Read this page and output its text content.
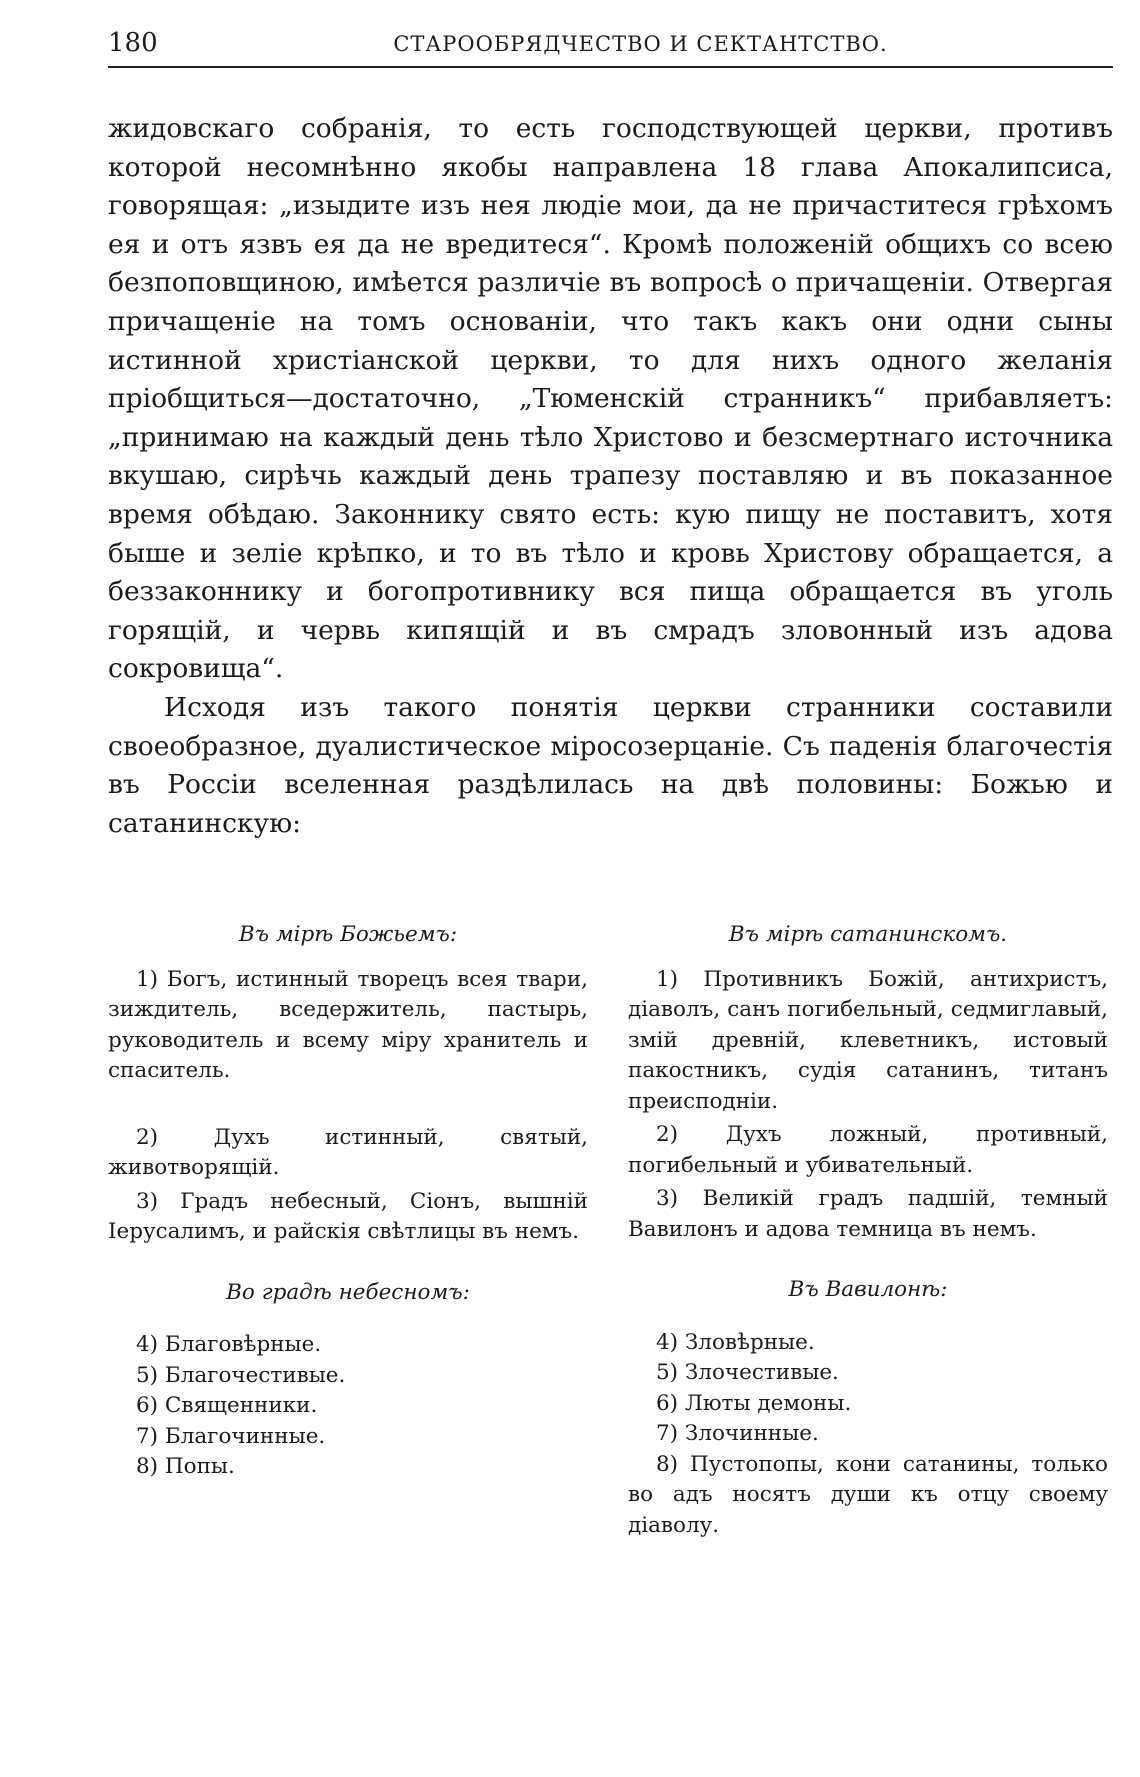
180	СТАРООБРЯДЧЕСТВО И СЕКТАНТСТВО.

жидовскаго собранія, то есть господствующей церкви, противъ которой несомнѣнно якобы направлена 18 глава Апокалипсиса, говорящая: „изыдите изъ нея людіе мои, да не причаститеся грѣхомъ ея и отъ язвъ ея да не вредитеся“. Кромѣ положеній общихъ со всею безпоповщиною, имѣется различіе въ вопросѣ о причащеніи. Отвергая причащеніе на томъ основаніи, что такъ какъ они одни сыны истинной христіанской церкви, то для нихъ одного желанія пріобщиться—достаточно, „Тюменскій странникъ“ прибавляетъ: „принимаю на каждый день тѣло Христово и безсмертнаго источника вкушаю, сирѣчь каждый день трапезу поставляю и въ показанное время обѣдаю. Законнику свято есть: кую пищу не поставитъ, хотя быше и зеліе крѣпко, и то въ тѣло и кровь Христову обращается, а беззаконнику и богопротивнику вся пища обращается въ уголь горящій, и червь кипящій и въ смрадъ зловонный изъ адова сокровища“.

Исходя изъ такого понятія церкви странники составили своеобразное, дуалистическое міросозерцаніе. Съ паденія благочестія въ Россіи вселенная раздѣлилась на двѣ половины: Божью и сатанинскую:

Въ мірѣ Божьемъ:

1) Богъ, истинный творецъ всея твари, зиждитель, вседержитель, пастырь, руководитель и всему міру хранитель и спаситель.

2) Духъ истинный, святый, животворящій.

3) Градъ небесный, Сіонъ, вышній Іерусалимъ, и райскія свѣтлицы въ немъ.

Во градѣ небесномъ:

4) Благовѣрные.
5) Благочестивые.
6) Священники.
7) Благочинные.
8) Попы.

Въ мірѣ сатанинскомъ.

1) Противникъ Божій, антихристъ, діаволъ, санъ погибельный, седмиглавый, змій древній, клеветникъ, истовый пакостникъ, судія сатанинъ, титанъ преисподніи.

2) Духъ ложный, противный, погибельный и убивательный.

3) Великій градъ падшій, темный Вавилонъ и адова темница въ немъ.

Въ Вавилонѣ:

4) Зловѣрные.
5) Злочестивые.
6) Люты демоны.
7) Злочинные.
8) Пустопопы, кони сатанины, только во адъ носятъ души къ отцу своему діаволу.
